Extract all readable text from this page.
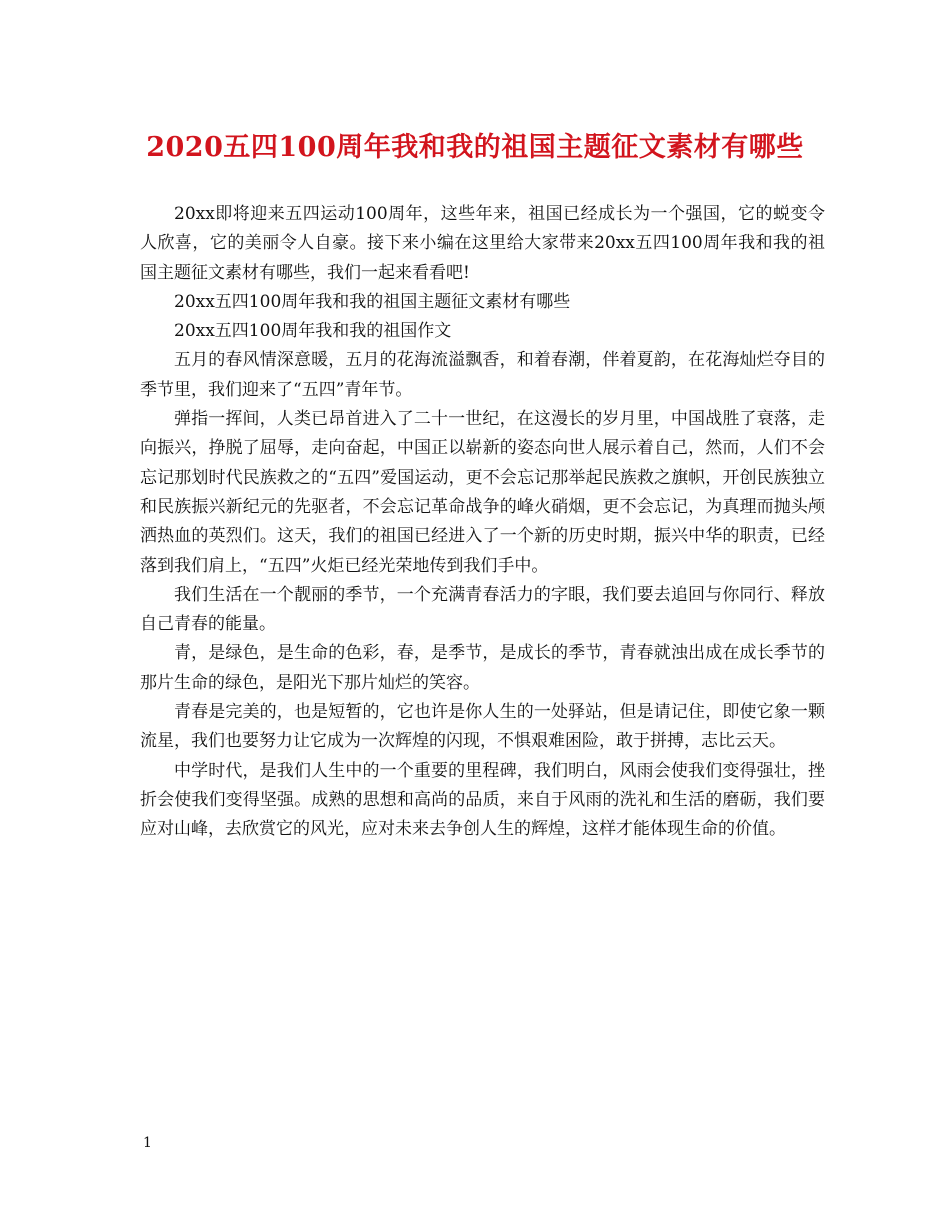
2020五四100周年我和我的祖国主题征文素材有哪些

20xx即将迎来五四运动100周年，这些年来，祖国已经成长为一个强国，它的蜕变令人欣喜，它的美丽令人自豪。接下来小编在这里给大家带来20xx五四100周年我和我的祖国主题征文素材有哪些，我们一起来看看吧!

20xx五四100周年我和我的祖国主题征文素材有哪些

20xx五四100周年我和我的祖国作文

五月的春风情深意暖，五月的花海流溢飘香，和着春潮，伴着夏韵，在花海灿烂夺目的季节里，我们迎来了“五四”青年节。

弹指一挥间，人类已昂首进入了二十一世纪，在这漫长的岁月里，中国战胜了衰落，走向振兴，挣脱了屈辱，走向奋起，中国正以崭新的姿态向世人展示着自己，然而，人们不会忘记那划时代民族救之的“五四”爱国运动，更不会忘记那举起民族救之旗帜，开创民族独立和民族振兴新纪元的先驱者，不会忘记革命战争的峰火硝烟，更不会忘记，为真理而抛头颅洒热血的英烈们。这天，我们的祖国已经进入了一个新的历史时期，振兴中华的职责，已经落到我们肩上，“五四”火炬已经光荣地传到我们手中。

我们生活在一个靓丽的季节，一个充满青春活力的字眼，我们要去追回与你同行、释放自己青春的能量。

青，是绿色，是生命的色彩，春，是季节，是成长的季节，青春就浊出成在成长季节的那片生命的绿色，是阳光下那片灿烂的笑容。

青春是完美的，也是短暂的，它也许是你人生的一处驿站，但是请记住，即使它象一颗流星，我们也要努力让它成为一次辉煌的闪现，不惧艰难困险，敢于拼搏，志比云天。

中学时代，是我们人生中的一个重要的里程碑，我们明白，风雨会使我们变得强壮，挫折会使我们变得坚强。成熟的思想和高尚的品质，来自于风雨的洗礼和生活的磨砺，我们要应对山峰，去欣赏它的风光，应对未来去争创人生的辉煌，这样才能体现生命的价值。

1
